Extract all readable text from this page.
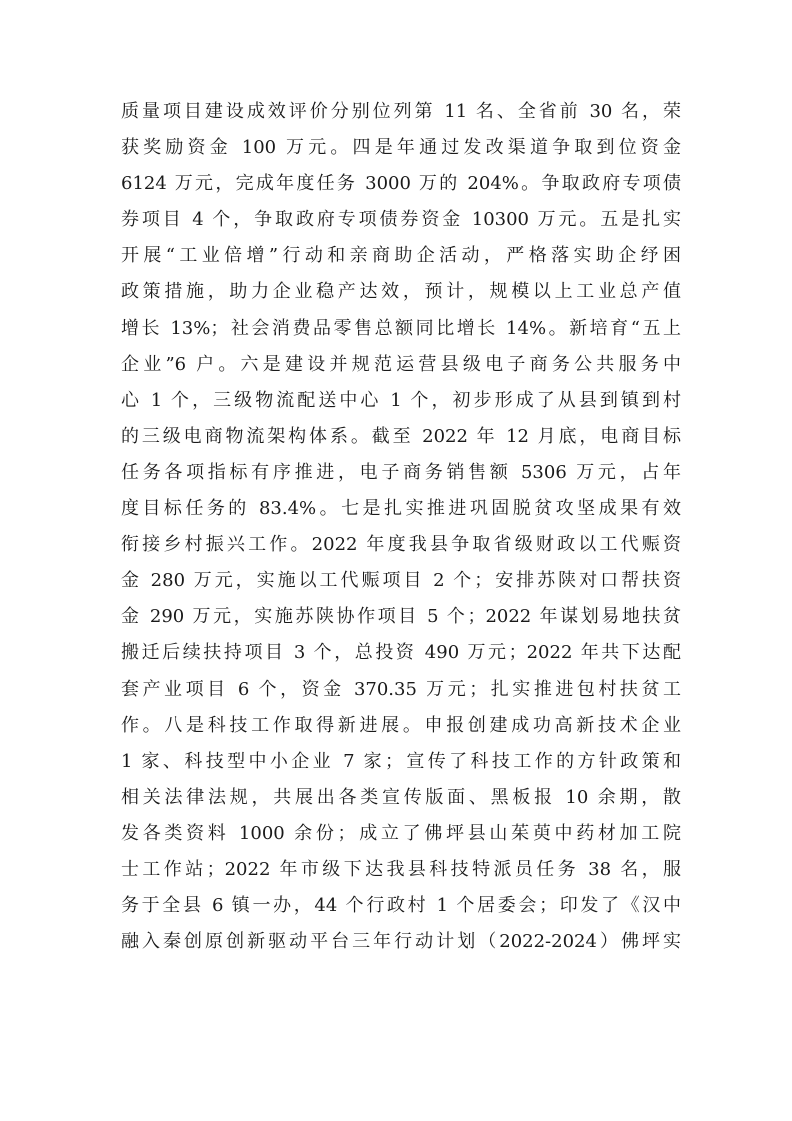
质量项目建设成效评价分别位列第 11 名、全省前 30 名，荣
获奖励资金 100 万元。四是年通过发改渠道争取到位资金
6124 万元，完成年度任务 3000 万的 204%。争取政府专项债
券项目 4 个，争取政府专项债券资金 10300 万元。五是扎实
开展“工业倍增”行动和亲商助企活动，严格落实助企纾困
政策措施，助力企业稳产达效，预计，规模以上工业总产值
增长 13%；社会消费品零售总额同比增长 14%。新培育“五上
企业”6 户。六是建设并规范运营县级电子商务公共服务中
心 1 个，三级物流配送中心 1 个，初步形成了从县到镇到村
的三级电商物流架构体系。截至 2022 年 12 月底，电商目标
任务各项指标有序推进，电子商务销售额 5306 万元，占年
度目标任务的 83.4%。七是扎实推进巩固脱贫攻坚成果有效
衔接乡村振兴工作。2022 年度我县争取省级财政以工代赈资
金 280 万元，实施以工代赈项目 2 个；安排苏陕对口帮扶资
金 290 万元，实施苏陕协作项目 5 个；2022 年谋划易地扶贫
搬迁后续扶持项目 3 个，总投资 490 万元；2022 年共下达配
套产业项目 6 个，资金 370.35 万元；扎实推进包村扶贫工
作。八是科技工作取得新进展。申报创建成功高新技术企业
1 家、科技型中小企业 7 家；宣传了科技工作的方针政策和
相关法律法规，共展出各类宣传版面、黑板报 10 余期，散
发各类资料 1000 余份；成立了佛坪县山茱萸中药材加工院
士工作站；2022 年市级下达我县科技特派员任务 38 名，服
务于全县 6 镇一办，44 个行政村 1 个居委会；印发了《汉中
融入秦创原创新驱动平台三年行动计划（2022-2024）佛坪实
